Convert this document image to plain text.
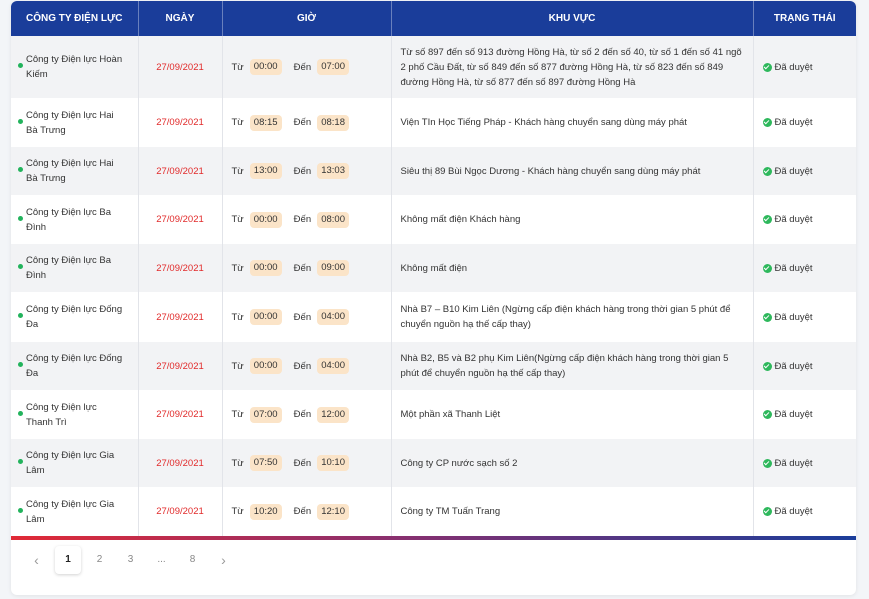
CÔNG TY ĐIỆN LỰC	NGÀY	GIỜ	KHU VỰC	TRẠNG THÁI

Công ty Điện lực Hoàn Kiếm	27/09/2021	Từ 00:00 Đến 07:00	Từ số 897 đến số 913 đường Hồng Hà, từ số 2 đến số 40, từ số 1 đến số 41 ngõ 2 phố Cầu Đất, từ số 849 đến số 877 đường Hồng Hà, từ số 823 đến số 849 đường Hồng Hà, từ số 877 đến số 897 đường Hồng Hà	Đã duyệt

Công ty Điện lực Hai Bà Trưng	27/09/2021	Từ 08:15 Đến 08:18	Viện TIn Học Tiếng Pháp - Khách hàng chuyển sang dùng máy phát	Đã duyệt

Công ty Điện lực Hai Bà Trưng	27/09/2021	Từ 13:00 Đến 13:03	Siêu thị 89 Bùi Ngọc Dương - Khách hàng chuyển sang dùng máy phát	Đã duyệt

Công ty Điện lực Ba Đình	27/09/2021	Từ 00:00 Đến 08:00	Không mất điện Khách hàng	Đã duyệt

Công ty Điện lực Ba Đình	27/09/2021	Từ 00:00 Đến 09:00	Không mất điện	Đã duyệt

Công ty Điện lực Đống Đa	27/09/2021	Từ 00:00 Đến 04:00	Nhà B7 – B10 Kim Liên (Ngừng cấp điện khách hàng trong thời gian 5 phút để chuyển nguồn hạ thế cấp thay)	Đã duyệt

Công ty Điện lực Đống Đa	27/09/2021	Từ 00:00 Đến 04:00	Nhà B2, B5 và B2 phụ Kim Liên(Ngừng cấp điện khách hàng trong thời gian 5 phút để chuyển nguồn hạ thế cấp thay)	Đã duyệt

Công ty Điện lực Thanh Trì	27/09/2021	Từ 07:00 Đến 12:00	Một phần xã Thanh Liệt	Đã duyệt

Công ty Điện lực Gia Lâm	27/09/2021	Từ 07:50 Đến 10:10	Công ty CP nước sạch số 2	Đã duyệt

Công ty Điện lực Gia Lâm	27/09/2021	Từ 10:20 Đến 12:10	Công ty TM Tuấn Trang	Đã duyệt
‹	1	2	3	...	8	›
